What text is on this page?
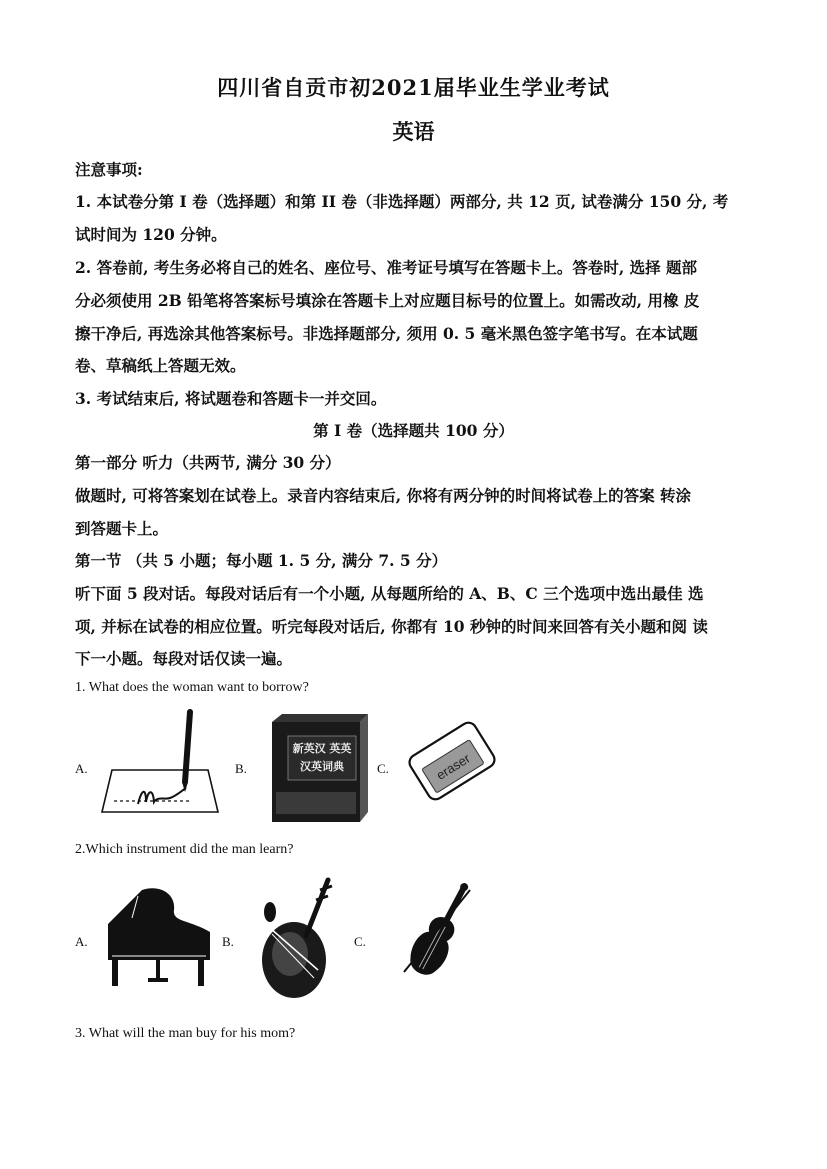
四川省自贡市初2021届毕业生学业考试
英语
注意事项:
1. 本试卷分第 I 卷（选择题）和第 II 卷（非选择题）两部分, 共 12 页, 试卷满分 150 分, 考
试时间为 120 分钟。
2. 答卷前, 考生务必将自己的姓名、座位号、准考证号填写在答题卡上。答卷时, 选择 题部
分必须使用 2B 铅笔将答案标号填涂在答题卡上对应题目标号的位置上。如需改动, 用橡 皮
擦干净后, 再选涂其他答案标号。非选择题部分, 须用 0. 5 毫米黑色签字笔书写。在本试题
卷、草稿纸上答题无效。
3. 考试结束后, 将试题卷和答题卡一并交回。
第 I 卷（选择题共 100 分）
第一部分 听力（共两节, 满分 30 分）
做题时, 可将答案划在试卷上。录音内容结束后, 你将有两分钟的时间将试卷上的答案 转涂
到答题卡上。
第一节 （共 5 小题；每小题 1. 5 分, 满分 7. 5 分）
听下面 5 段对话。每段对话后有一个小题, 从每题所给的 A、B、C 三个选项中选出最佳 选
项, 并标在试卷的相应位置。听完每段对话后, 你都有 10 秒钟的时间来回答有关小题和阅 读
下一小题。每段对话仅读一遍。
1. What does the woman want to borrow?
A.	B.
新英汉 英英
汉英词典	C.	eraser
2.Which instrument did the man learn?
A.	B.	C.
3. What will the man buy for his mom?
